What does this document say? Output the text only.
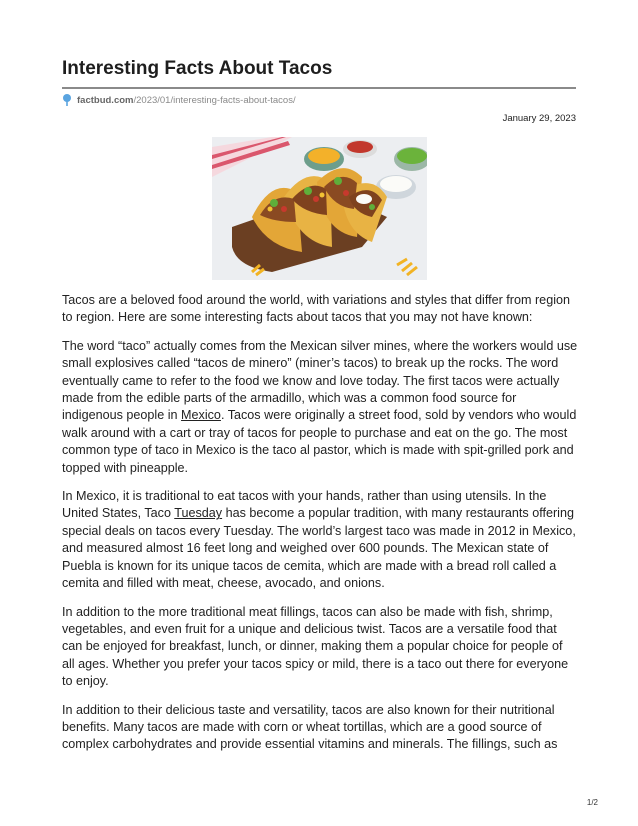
Interesting Facts About Tacos
factbud.com /2023/01/interesting-facts-about-tacos/
January 29, 2023

Tacos are a beloved food around the world, with variations and styles that differ from region to region. Here are some interesting facts about tacos that you may not have known:

The word “taco” actually comes from the Mexican silver mines, where the workers would use small explosives called “tacos de minero” (miner’s tacos) to break up the rocks. The word eventually came to refer to the food we know and love today. The first tacos were actually made from the edible parts of the armadillo, which was a common food source for indigenous people in Mexico. Tacos were originally a street food, sold by vendors who would walk around with a cart or tray of tacos for people to purchase and eat on the go. The most common type of taco in Mexico is the taco al pastor, which is made with spit-grilled pork and topped with pineapple.

In Mexico, it is traditional to eat tacos with your hands, rather than using utensils. In the United States, Taco Tuesday has become a popular tradition, with many restaurants offering special deals on tacos every Tuesday. The world’s largest taco was made in 2012 in Mexico, and measured almost 16 feet long and weighed over 600 pounds. The Mexican state of Puebla is known for its unique tacos de cemita, which are made with a bread roll called a cemita and filled with meat, cheese, avocado, and onions.

In addition to the more traditional meat fillings, tacos can also be made with fish, shrimp, vegetables, and even fruit for a unique and delicious twist. Tacos are a versatile food that can be enjoyed for breakfast, lunch, or dinner, making them a popular choice for people of all ages. Whether you prefer your tacos spicy or mild, there is a taco out there for everyone to enjoy.

In addition to their delicious taste and versatility, tacos are also known for their nutritional benefits. Many tacos are made with corn or wheat tortillas, which are a good source of complex carbohydrates and provide essential vitamins and minerals. The fillings, such as

1/2
